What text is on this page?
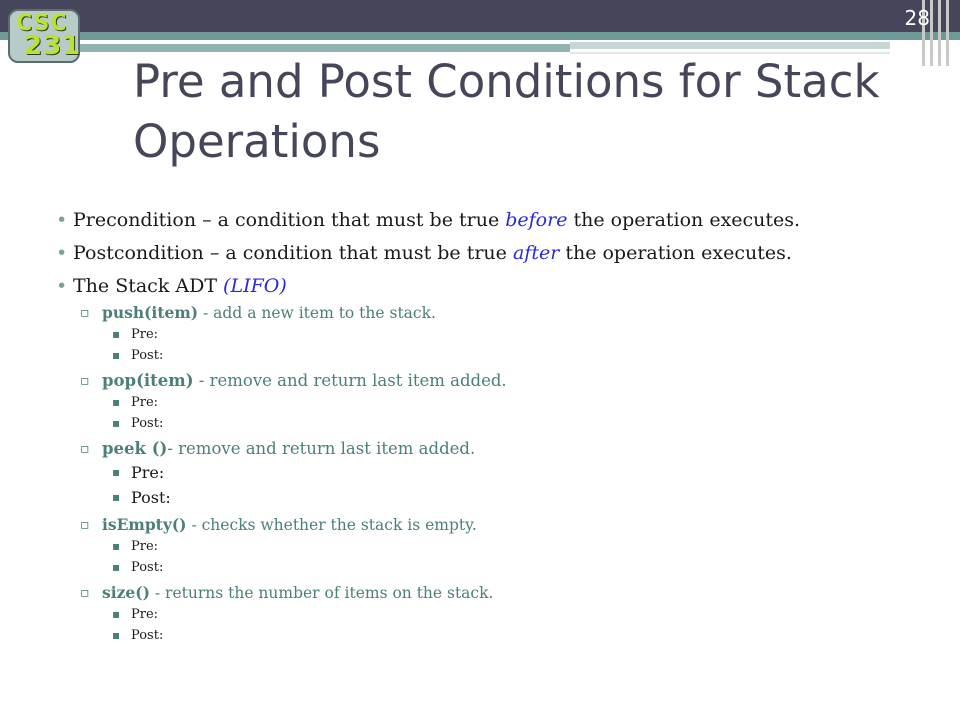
CSC
231
28
Pre and Post Conditions for Stack Operations
• Precondition – a condition that must be true before the operation executes.
• Postcondition – a condition that must be true after the operation executes.
• The Stack ADT (LIFO)
▫ push(item) - add a new item to the stack.
▪ Pre:
▪ Post:
▫ pop(item) - remove and return last item added.
▪ Pre:
▪ Post:
▫ peek ()- remove and return last item added.
▪ Pre:
▪ Post:
▫ isEmpty() - checks whether the stack is empty.
▪ Pre:
▪ Post:
▫ size() - returns the number of items on the stack.
▪ Pre:
▪ Post:
